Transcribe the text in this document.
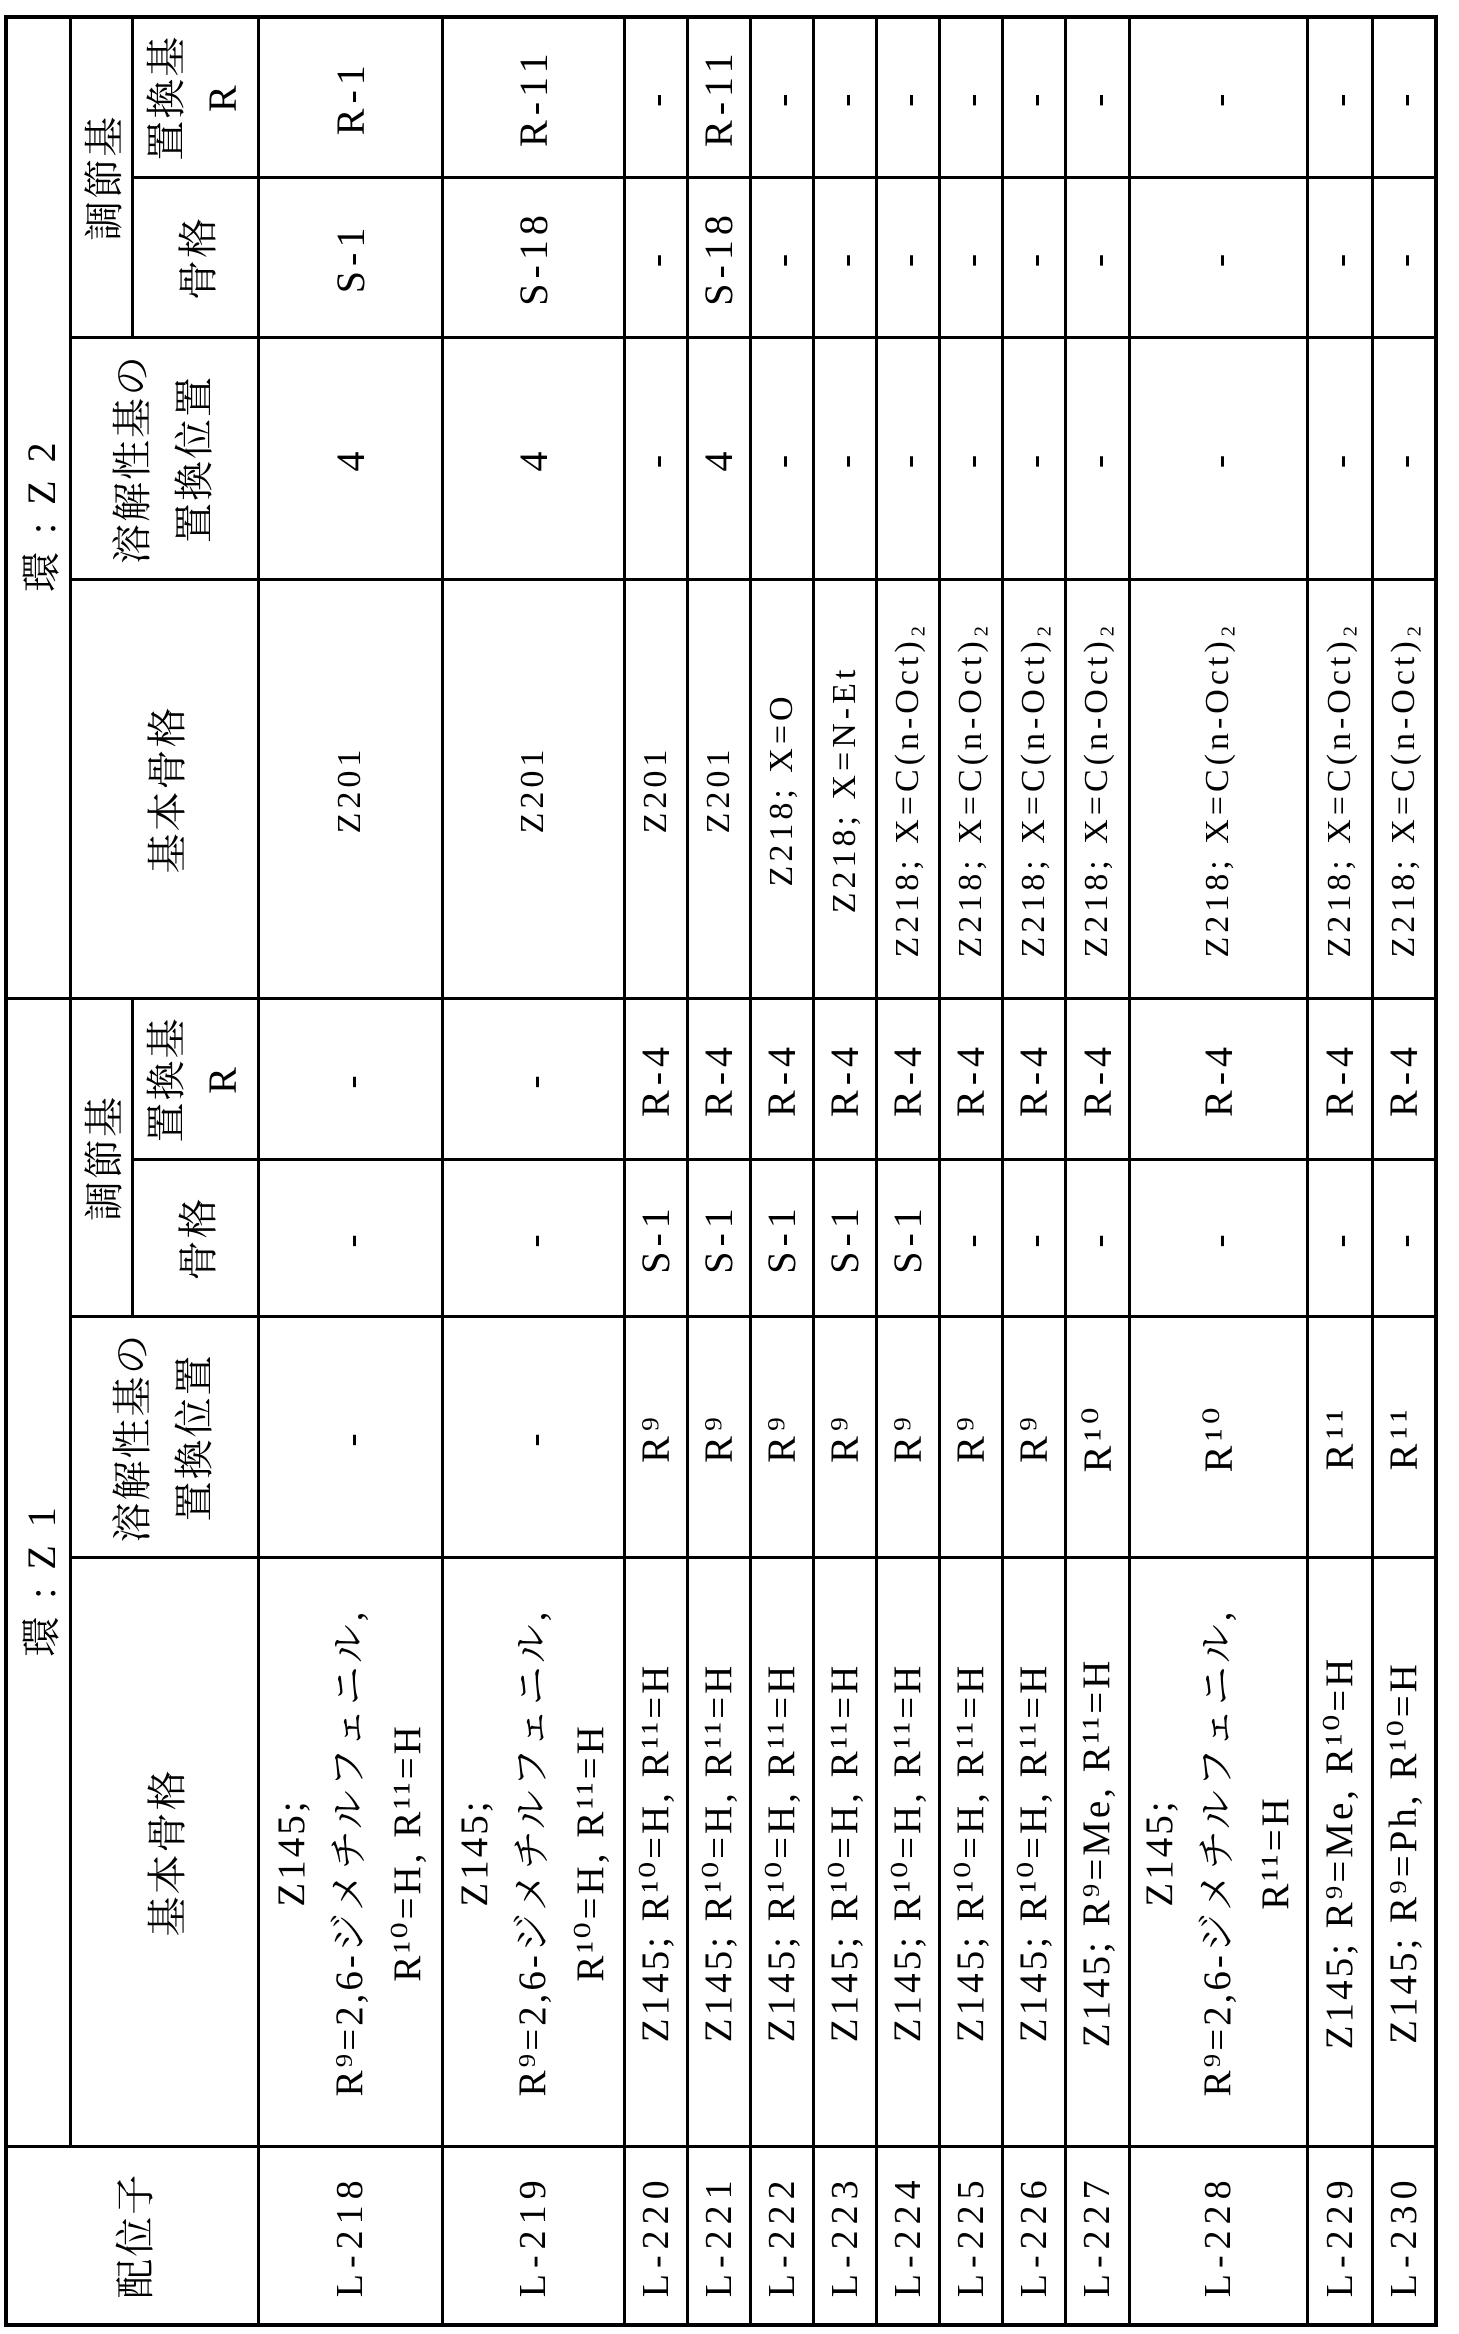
配位子	環:Z1				環:Z2			
	基本骨格	溶解性基の 置換位置	調節基		基本骨格	溶解性基の 置換位置	調節基	
			骨格	置換基 R			骨格	置換基 R

L-218	Z145; R⁹=2,6-ジメチルフェニル, R¹⁰=H, R¹¹=H	-	-	-	Z201	4	S-1	R-1
L-219	Z145; R⁹=2,6-ジメチルフェニル, R¹⁰=H, R¹¹=H	-	-	-	Z201	4	S-18	R-11
L-220	Z145; R¹⁰=H, R¹¹=H	R⁹	S-1	R-4	Z201	-	-	-
L-221	Z145; R¹⁰=H, R¹¹=H	R⁹	S-1	R-4	Z201	4	S-18	R-11
L-222	Z145; R¹⁰=H, R¹¹=H	R⁹	S-1	R-4	Z218; X=O	-	-	-
L-223	Z145; R¹⁰=H, R¹¹=H	R⁹	S-1	R-4	Z218; X=N-Et	-	-	-
L-224	Z145; R¹⁰=H, R¹¹=H	R⁹	S-1	R-4	Z218; X=C(n-Oct)₂	-	-	-
L-225	Z145; R¹⁰=H, R¹¹=H	R⁹	-	R-4	Z218; X=C(n-Oct)₂	-	-	-
L-226	Z145; R¹⁰=H, R¹¹=H	R⁹	-	R-4	Z218; X=C(n-Oct)₂	-	-	-
L-227	Z145; R⁹=Me, R¹¹=H	R¹⁰	-	R-4	Z218; X=C(n-Oct)₂	-	-	-
L-228	Z145; R⁹=2,6-ジメチルフェニル, R¹¹=H	R¹⁰	-	R-4	Z218; X=C(n-Oct)₂	-	-	-
L-229	Z145; R⁹=Me, R¹⁰=H	R¹¹	-	R-4	Z218; X=C(n-Oct)₂	-	-	-
L-230	Z145; R⁹=Ph, R¹⁰=H	R¹¹	-	R-4	Z218; X=C(n-Oct)₂	-	-	-
